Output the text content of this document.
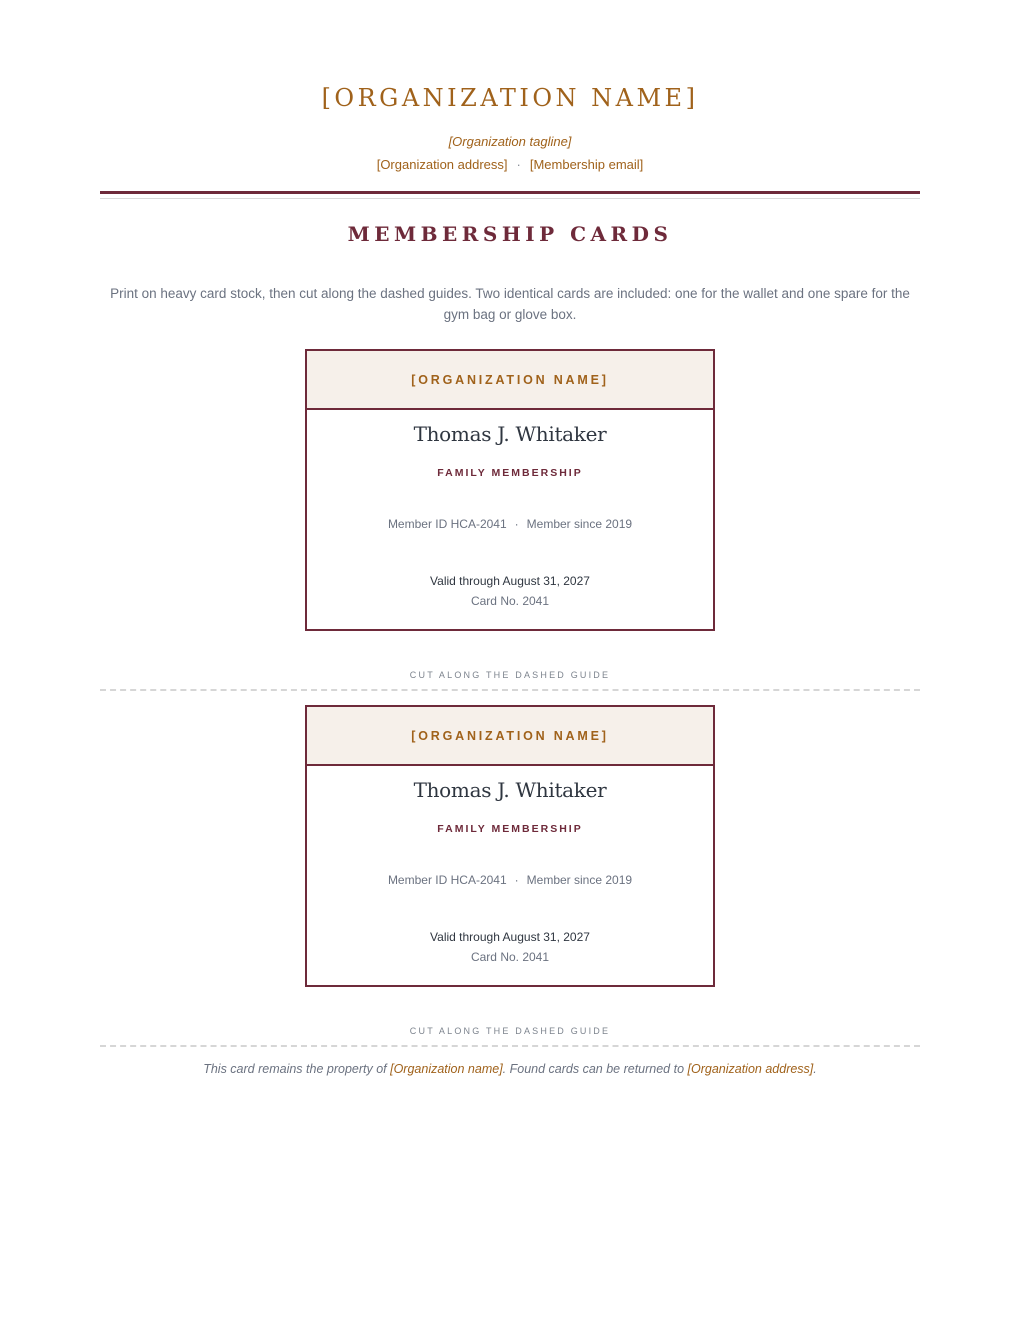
[ORGANIZATION NAME]
[Organization tagline]
[Organization address] · [Membership email]
MEMBERSHIP CARDS

Print on heavy card stock, then cut along the dashed guides. Two identical cards are included: one for the wallet and one spare for the gym bag or glove box.

[ORGANIZATION NAME]
Thomas J. Whitaker
FAMILY MEMBERSHIP
Member ID HCA-2041 · Member since 2019
Valid through August 31, 2027
Card No. 2041
CUT ALONG THE DASHED GUIDE
[ORGANIZATION NAME]
Thomas J. Whitaker
FAMILY MEMBERSHIP
Member ID HCA-2041 · Member since 2019
Valid through August 31, 2027
Card No. 2041
CUT ALONG THE DASHED GUIDE
This card remains the property of [Organization name]. Found cards can be returned to [Organization address].
